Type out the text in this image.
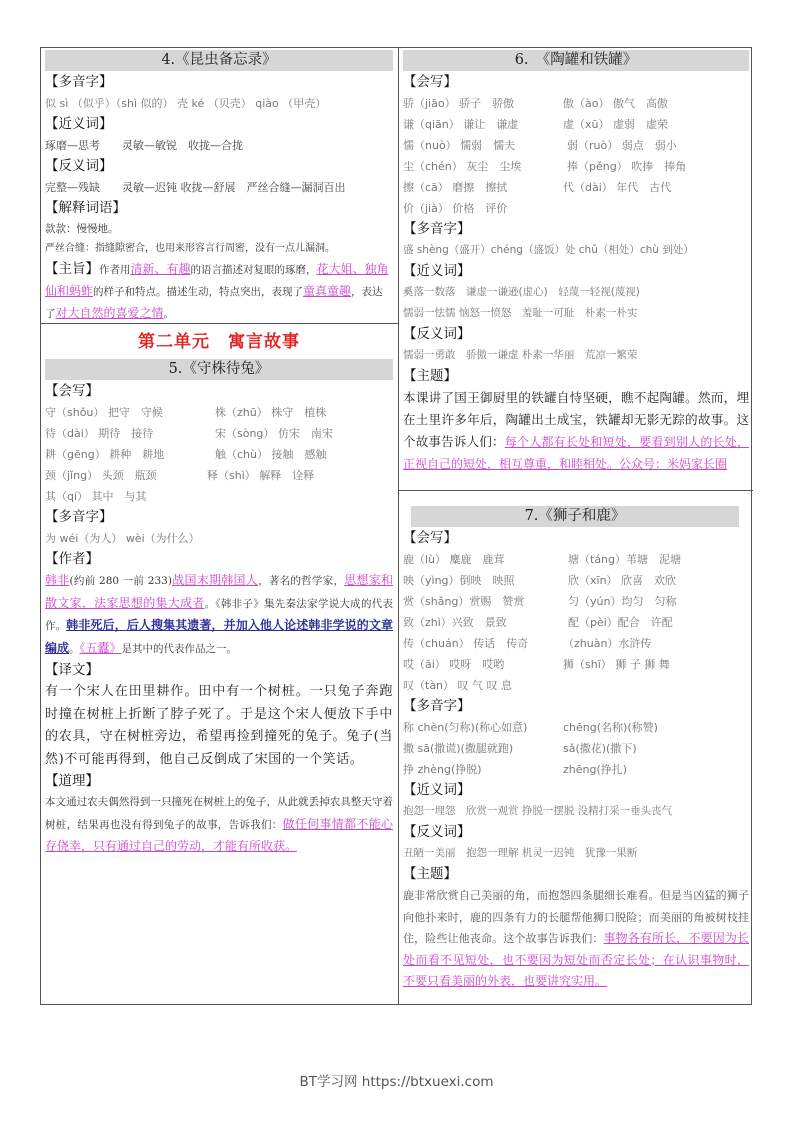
4.《昆虫备忘录》
【多音字】
似 sì （似乎）（shì 似的） 壳 ké （贝壳） qiào （甲壳）
【近义词】
琢磨—思考　　灵敏—敏锐　收拢—合拢
【反义词】
完整—残缺　　灵敏—迟钝 收拢—舒展　严丝合缝—漏洞百出
【解释词语】
款款：慢慢地。
严丝合缝：指缝隙密合，也用来形容言行周密，没有一点儿漏洞。
【主旨】作者用清新、有趣的语言描述对复眼的琢磨，花大姐、独角仙和蚂蚱的样子和特点。描述生动，特点突出，表现了童真童趣，表达了对大自然的喜爱之情。
第二单元 寓言故事
5.《守株待兔》
【会写】
守（shǒu） 把守　守候	株（zhū） 株守　植株
待（dài） 期待　接待	宋（sòng） 仿宋　南宋
耕（gēng） 耕种　耕地	触（chù） 接触　感触
颈（jǐng） 头颈　瓶颈	释（shì） 解释　诠释
其（qí） 其中　与其
【多音字】
为 wéi（为人） wèi（为什么）
【作者】
韩非(约前 280 一前 233)战国末期韩国人，著名的哲学家，思想家和散文家，法家思想的集大成者。《韩非子》集先秦法家学说大成的代表作。韩非死后，后人搜集其遗著，并加入他人论述韩非学说的文章编成。《五蠹》是其中的代表作品之一。
【译文】
有一个宋人在田里耕作。田中有一个树桩。一只兔子奔跑时撞在树桩上折断了脖子死了。于是这个宋人便放下手中的农具，守在树桩旁边，希望再捡到撞死的兔子。兔子(当然)不可能再得到，他自己反倒成了宋国的一个笑话。
【道理】
本文通过农夫偶然得到一只撞死在树桩上的兔子，从此就丢掉农具整天守着树桩，结果再也没有得到兔子的故事，告诉我们：做任何事情都不能心存侥幸，只有通过自己的劳动，才能有所收获。
6.　《陶罐和铁罐》
【会写】
骄（jiāo） 骄子　骄傲	傲（ào） 傲气　高傲
谦（qiān） 谦让　谦虚	虚（xū） 虚弱　虚荣
懦（nuò） 懦弱　懦夫	弱（ruò） 弱点　弱小
尘（chén） 灰尘　尘埃	捧（pěng） 吹捧　捧角
擦（cā） 磨擦　擦拭	代（dài） 年代　古代
价（jià） 价格　评价
【多音字】
盛 shèng（盛开）chéng（盛饭）处 chǔ（相处）chù 到处）
【近义词】
奚落一数落　谦虚一谦逊(虚心)　轻蔑一轻视(蔑视)
懦弱一怯懦 恼怒一愤怒　羞耻一可耻　朴素一朴实
【反义词】
懦弱一勇敢　骄傲一谦虚 朴素一华丽　荒凉一繁荣
【主题】
本课讲了国王御厨里的铁罐自恃坚硬，瞧不起陶罐。然而，埋在土里许多年后，陶罐出土成宝，铁罐却无影无踪的故事。这个故事告诉人们：每个人都有长处和短处，要看到别人的长处，正视自己的短处，相互尊重，和睦相处。公众号：米妈家长圈
7.《狮子和鹿》
【会写】
鹿（lù） 麋鹿　鹿茸	塘（táng）苇塘　泥塘
映（yìng）倒映　映照	欣（xīn） 欣喜　欢欣
赏（shǎng）赏赐　赞赏	匀（yún）均匀　匀称
致（zhì）兴致　景致	配（pèi）配合　许配
传（chuán） 传话　传奇	（zhuàn）水浒传
哎（āi） 哎呀　哎哟	狮（shī） 狮 子 狮 舞
叹（tàn） 叹 气 叹 息
【多音字】
称 chèn(匀称)(称心如意)	chēng(名称)(称赞)
撒 sā(撒谎)(撒腿就跑)	sǎ(撒花)(撒下)
挣 zhèng(挣脱)	zhēng(挣扎)
【近义词】
抱怨一埋怨　欣赏一观赏 挣脱一摆脱 没精打采一垂头丧气
【反义词】
丑陋一美丽　抱怨一理解 机灵一迟钝　犹豫一果断
【主题】
鹿非常欣赏自己美丽的角，而抱怨四条腿细长难看。但是当凶猛的狮子向他扑来时，鹿的四条有力的长腿帮他狮口脱险；而美丽的角被树枝挂住，险些让他丧命。这个故事告诉我们：事物各有所长，不要因为长处而看不见短处，也不要因为短处而否定长处；在认识事物时，不要只看美丽的外表，也要讲究实用。
BT学习网 https://btxuexi.com
